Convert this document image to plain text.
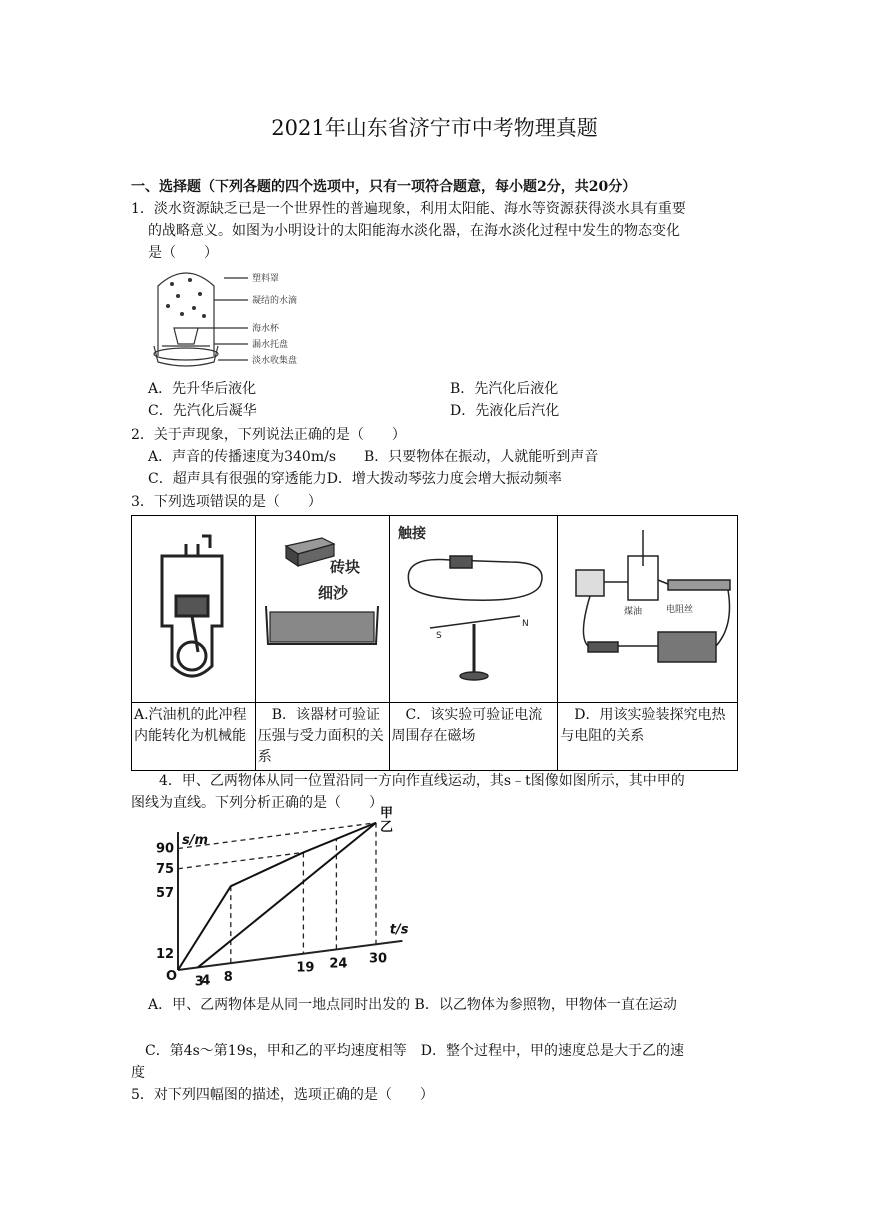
2021年山东省济宁市中考物理真题
一、选择题（下列各题的四个选项中，只有一项符合题意，每小题2分，共20分）
1．淡水资源缺乏已是一个世界性的普遍现象，利用太阳能、海水等资源获得淡水具有重要
的战略意义。如图为小明设计的太阳能海水淡化器，在海水淡化过程中发生的物态变化
是（　　）
塑料罩
凝结的水滴
海水杯
漏水托盘
淡水收集盘
A．先升华后液化	B．先汽化后液化
C．先汽化后凝华	D．先液化后汽化
2．关于声现象，下列说法正确的是（　　）
A．声音的传播速度为340m/s　　B．只要物体在振动，人就能听到声音
C．超声具有很强的穿透能力D．增大拨动琴弦力度会增大振动频率
3．下列选项错误的是（　　）

砖块
细沙	触接
S
N	煤油 电阻丝

A.汽油机的此冲程内能转化为机械能	　B．该器材可验证压强与受力面积的关系	　C．该实验可验证电流周围存在磁场	　D．用该实验装探究电热与电阻的关系
　　4．甲、乙两物体从同一位置沿同一方向作直线运动，其s﹣t图像如图所示，其中甲的
图线为直线。下列分析正确的是（　　）
甲
乙
12
57
75
90
3
4 8
19 24 30
O
s/m
t/s
A．甲、乙两物体是从同一地点同时出发的 B．以乙物体为参照物，甲物体一直在运动
　C．第4s～第19s，甲和乙的平均速度相等　D．整个过程中，甲的速度总是大于乙的速
度
5．对下列四幅图的描述，选项正确的是（　　）
